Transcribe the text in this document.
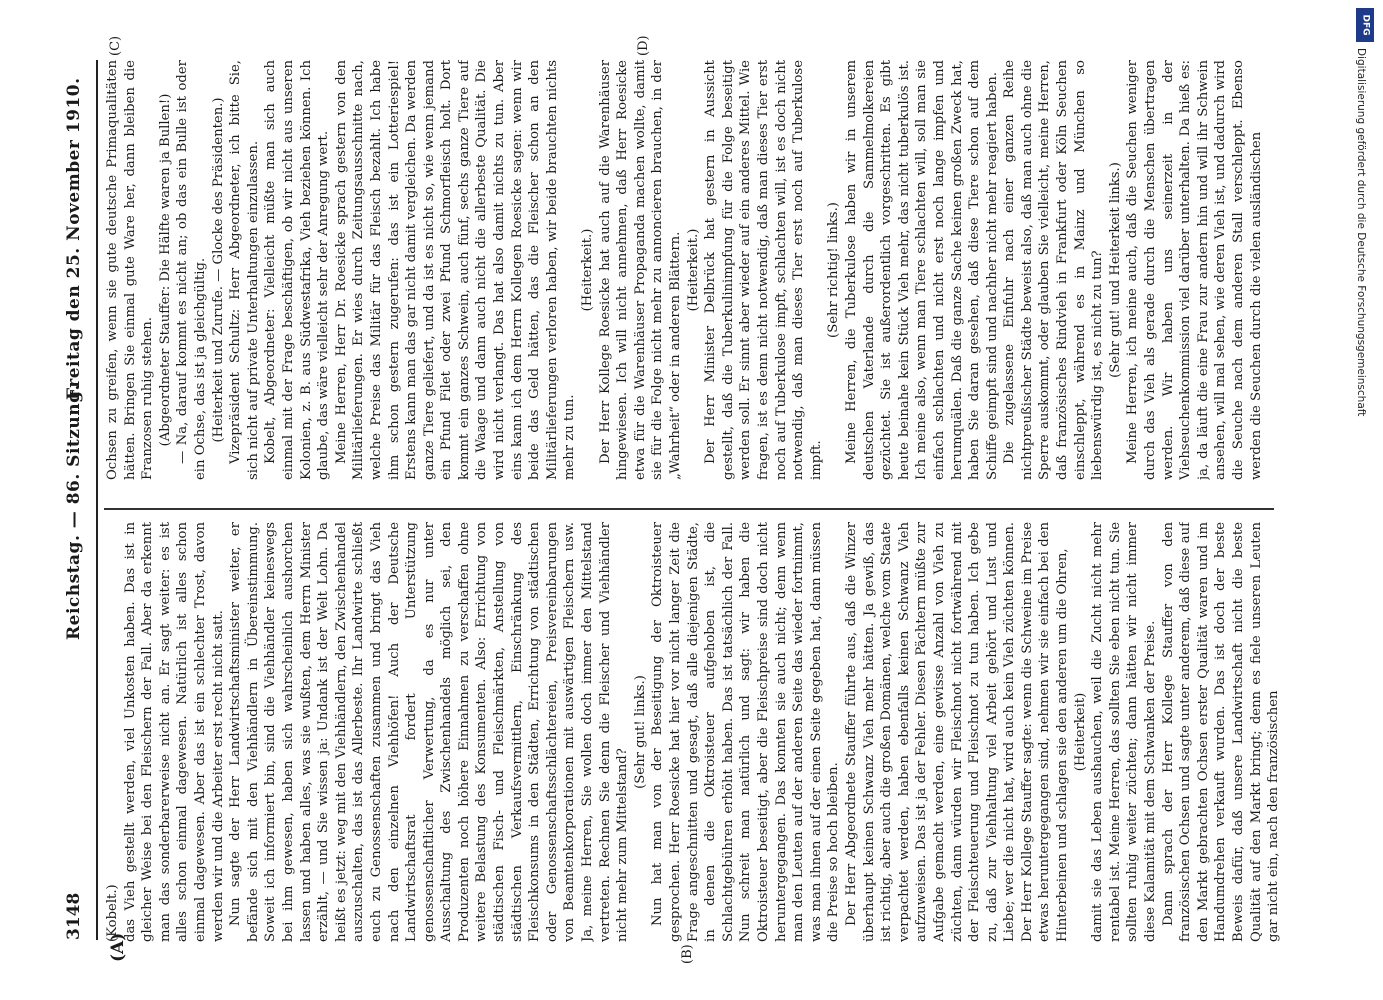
3148
Reichstag. — 86. Sitzung.
Freitag den 25. November 1910.
(A)	(B)
(C)	(D)

(Kobelt.) das Vieh gestellt werden, viel Unkosten haben. Das ist in gleicher Weise bei den Fleischern der Fall. Aber da erkennt man das sonderbarerweise nicht an. Er sagt weiter: es ist alles schon einmal dagewesen. Natürlich ist alles schon einmal dagewesen. Aber das ist ein schlechter Trost, davon werden wir und die Arbeiter erst recht nicht satt. Nun sagte der Herr Landwirtschaftsminister weiter, er befände sich mit den Viehhändlern in Übereinstimmung. Soweit ich informiert bin, sind die Viehhändler keineswegs bei ihm gewesen, haben sich wahrscheinlich aushorchen lassen und haben alles, was sie wußten, dem Herrn Minister erzählt, — und Sie wissen ja: Undank ist der Welt Lohn. Da heißt es jetzt: weg mit den Viehhändlern, den Zwischenhandel auszuschalten, das ist das Allerbeste. Ihr Landwirte schließt euch zu Genossenschaften zusammen und bringt das Vieh nach den einzelnen Viehhöfen! Auch der Deutsche Landwirtschaftsrat fordert Unterstützung genossenschaftlicher Verwertung, da es nur unter Ausschaltung des Zwischenhandels möglich sei, den Produzenten noch höhere Einnahmen zu verschaffen ohne weitere Belastung des Konsumenten. Also: Errichtung von städtischen Fisch- und Fleischmärkten, Anstellung von städtischen Verkaufsvermittlern, Einschränkung des Fleischkonsums in den Städten, Errichtung von städtischen oder Genossenschaftsschlächtereien, Preisvereinbarungen von Beamtenkorporationen mit auswärtigen Fleischern usw. Ja, meine Herren, Sie wollen doch immer den Mittelstand vertreten. Rechnen Sie denn die Fleischer und Viehhändler nicht mehr zum Mittelstand?

(Sehr gut! links.) Nun hat man von der Beseitigung der Oktroisteuer gesprochen. Herr Roesicke hat hier vor nicht langer Zeit die Frage angeschnitten und gesagt, daß alle diejenigen Städte, in denen die Oktroisteuer aufgehoben ist, die Schlachtgebühren erhöht haben. Das ist tatsächlich der Fall. Nun schreit man natürlich und sagt: wir haben die Oktroisteuer beseitigt, aber die Fleischpreise sind doch nicht heruntergegangen. Das konnten sie auch nicht; denn wenn man den Leuten auf der anderen Seite das wieder fortnimmt, was man ihnen auf der einen Seite gegeben hat, dann müssen die Preise so hoch bleiben. Der Herr Abgeordnete Stauffer führte aus, daß die Winzer überhaupt keinen Schwanz Vieh mehr hätten. Ja gewiß, das ist richtig, aber auch die großen Domänen, welche vom Staate verpachtet werden, haben ebenfalls keinen Schwanz Vieh aufzuweisen. Das ist ja der Fehler. Diesen Pächtern müßte zur Aufgabe gemacht werden, eine gewisse Anzahl von Vieh zu züchten, dann würden wir Fleischnot nicht fortwährend mit der Fleischteuerung und Fleischnot zu tun haben. Ich gebe zu, daß zur Viehhaltung viel Arbeit gehört und Lust und Liebe; wer die nicht hat, wird auch kein Vieh züchten können. Der Herr Kollege Stauffer sagte: wenn die Schweine im Preise etwas heruntergegangen sind, nehmen wir sie einfach bei den Hinterbeinen und schlagen sie den anderen um die Ohren, (Heiterkeit) damit sie das Leben aushauchen, weil die Zucht nicht mehr rentabel ist. Meine Herren, das sollten Sie eben nicht tun. Sie sollten ruhig weiter züchten; dann hätten wir nicht immer diese Kalamität mit dem Schwanken der Preise. Dann sprach der Herr Kollege Stauffer von den französischen Ochsen und sagte unter anderem, daß diese auf den Markt gebrachten Ochsen erster Qualität waren und im Handumdrehen verkauft wurden. Das ist doch der beste Beweis dafür, daß unsere Landwirtschaft nicht die beste Qualität auf den Markt bringt; denn es fiele unseren Leuten gar nicht ein, nach den französischen

Ochsen zu greifen, wenn sie gute deutsche Primaqualitäten hätten. Bringen Sie einmal gute Ware her, dann bleiben die Franzosen ruhig stehen. (Abgeordneter Stauffer: Die Hälfte waren ja Bullen!) — Na, darauf kommt es nicht an; ob das ein Bulle ist oder ein Ochse, das ist ja gleichgültig. (Heiterkeit und Zurufe. — Glocke des Präsidenten.) Vizepräsident Schultz: Herr Abgeordneter, ich bitte Sie, sich nicht auf private Unterhaltungen einzulassen. Kobelt, Abgeordneter: Vielleicht müßte man sich auch einmal mit der Frage beschäftigen, ob wir nicht aus unseren Kolonien, z. B. aus Südwestafrika, Vieh beziehen können. Ich glaube, das wäre vielleicht sehr der Anregung wert. Meine Herren, Herr Dr. Roesicke sprach gestern von den Militärlieferungen. Er wies durch Zeitungsausschnitte nach, welche Preise das Militär für das Fleisch bezahlt. Ich habe ihm schon gestern zugerufen: das ist ein Lotteriespiel! Erstens kann man das gar nicht damit vergleichen. Da werden ganze Tiere geliefert, und da ist es nicht so, wie wenn jemand ein Pfund Filet oder zwei Pfund Schmorfleisch holt. Dort kommt ein ganzes Schwein, auch fünf, sechs ganze Tiere auf die Waage und dann auch nicht die allerbeste Qualität. Die wird nicht verlangt. Das hat also damit nichts zu tun. Aber eins kann ich dem Herrn Kollegen Roesicke sagen: wenn wir beide das Geld hätten, das die Fleischer schon an den Militärlieferungen verloren haben, wir beide brauchten nichts mehr zu tun.

(Heiterkeit.) Der Herr Kollege Roesicke hat auch auf die Warenhäuser hingewiesen. Ich will nicht annehmen, daß Herr Roesicke etwa für die Warenhäuser Propaganda machen wollte, damit sie für die Folge nicht mehr zu annoncieren brauchen, in der „Wahrheit“ oder in anderen Blättern. (Heiterkeit.) Der Herr Minister Delbrück hat gestern in Aussicht gestellt, daß die Tuberkulinimpfung für die Folge beseitigt werden soll. Er sinnt aber wieder auf ein anderes Mittel. Wie fragen, ist es denn nicht notwendig, daß man dieses Tier erst noch auf Tuberkulose impft, schlachten will, ist es doch nicht notwendig, daß man dieses Tier erst noch auf Tuberkulose impft.

(Sehr richtig! links.) Meine Herren, die Tuberkulose haben wir in unserem deutschen Vaterlande durch die Sammelmolkereien gezüchtet. Sie ist außerordentlich vorgeschritten. Es gibt heute beinahe kein Stück Vieh mehr, das nicht tuberkulös ist. Ich meine also, wenn man Tiere schlachten will, soll man sie einfach schlachten und nicht erst noch lange impfen und herumquälen. Daß die ganze Sache keinen großen Zweck hat, haben Sie daran gesehen, daß diese Tiere schon auf dem Schiffe geimpft sind und nachher nicht mehr reagiert haben. Die zugelassene Einfuhr nach einer ganzen Reihe nichtpreußischer Städte beweist also, daß man auch ohne die Sperre auskommt, oder glauben Sie vielleicht, meine Herren, daß französisches Rindvieh in Frankfurt oder Köln Seuchen einschleppt, während es in Mainz und München so liebenswürdig ist, es nicht zu tun? (Sehr gut! und Heiterkeit links.) Meine Herren, ich meine auch, daß die Seuchen weniger durch das Vieh als gerade durch die Menschen übertragen werden. Wir haben uns seinerzeit in der Viehseuchenkommission viel darüber unterhalten. Da hieß es: ja, da läuft die eine Frau zur andern hin und will ihr Schwein ansehen, will mal sehen, wie deren Vieh ist, und dadurch wird die Seuche nach dem anderen Stall verschleppt. Ebenso werden die Seuchen durch die vielen ausländischen

DFG
Digitalisierung gefördert durch die Deutsche Forschungsgemeinschaft
